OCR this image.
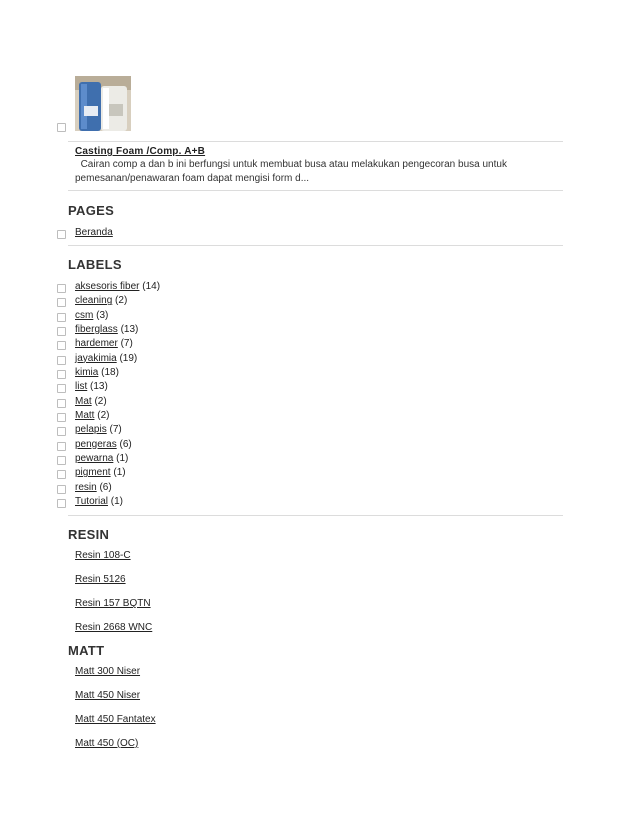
Casting Foam /Comp. A+B
Cairan comp a dan b ini berfungsi untuk membuat busa atau melakukan pengecoran busa untuk pemesanan/penawaran foam dapat mengisi form d...
PAGES
Beranda
LABELS
aksesoris fiber (14)
cleaning (2)
csm (3)
fiberglass (13)
hardemer (7)
jayakimia (19)
kimia (18)
list (13)
Mat (2)
Matt (2)
pelapis (7)
pengeras (6)
pewarna (1)
pigment (1)
resin (6)
Tutorial (1)
RESIN
Resin 108-C
Resin 5126
Resin 157 BQTN
Resin 2668 WNC
MATT
Matt 300 Niser
Matt 450 Niser
Matt 450 Fantatex
Matt 450 (OC)
